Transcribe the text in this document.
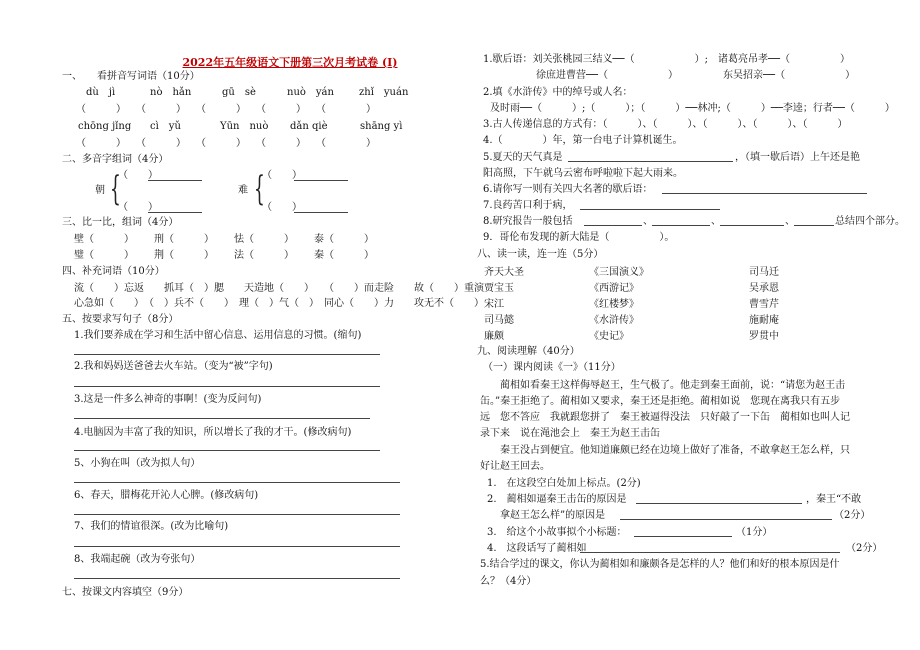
2022年五年级语文下册第三次月考试卷 (I)
一、　　看拼音写词语（10分）
dù　jì	nò　hǎn	gū　sè	nuò　yán	zhǐ　yuán
（　　　）　　（　　　）　　（　　　）　　（　　　）　　（　　　　）
chōng jǐng cì　yǔ	Yūn　nuò dǎn qiè	shāng yì
（　　　）　　（　　　）　　（　　　）　　（　　　）　　（　　　　）
二、多音字组词（4分）
朝 {
（　　）
（　　）
难 {
（　　）
（　　）
三、比一比，组词（4分）
壁（　　　） 刑（　　　） 怯（　　　） 泰（　　　）
璧（　　　） 荆（　　　） 法（　　　） 秦（　　　）
四、补充词语（10分）
流（　　）忘返　　抓耳（　）腮　　天造地（　　）　　（　　）而走险　　故（　　）重演
心急如（　　）　（　）兵不（　　）　理（　）气（　）　同心（　　）力　　攻无不（　　）
五、按要求写句子（8分）
1.我们要养成在学习和生活中留心信息、运用信息的习惯。(缩句)
2.我和妈妈送爸爸去火车站。（变为“被”字句)
3.这是一件多么神奇的事啊！(变为反问句)
4.电脑因为丰富了我的知识，所以增长了我的才干。(修改病句)
5、小狗在叫（改为拟人句）
6、春天，腊梅花开沁人心脾。(修改病句)
7、我们的情谊很深。(改为比喻句)
8、我端起碗（改为夸张句）
七、按课文内容填空（9分）
1.歇后语：刘关张桃园三结义──（　　　　　　）;　诸葛亮吊孝──（　　　　　）
徐庶进曹营──（　　　　　　）　　　　　东吴招亲──（　　　　　　）
2.填《水浒传》中的绰号或人名：
及时雨──（　　　）;（　　　）；（　　　）──林冲;（　　　）──李逵；行者──（　　　）
3.古人传递信息的方式有：（　　　）、（　　　）、（　　　）、（　　　）、（　　　）
4.（　　　　）年，第一台电子计算机诞生。
5.夏天的天气真是	，（填一歇后语）上午还是艳
阳高照，下午就乌云密布呼啦啦下起大雨来。
6.请你写一则有关四大名著的歇后语：
7.良药苦口利于病，
8.研究报告一般包括	、	、	、	总结四个部分。
9．哥伦布发现的新大陆是（　　　　　）。
八、读一读，连一连（5分）
齐天大圣	《三国演义》	司马迁
贾宝玉	《西游记》	吴承恩
宋江	《红楼梦》	曹雪芹
司马懿	《水浒传》	施耐庵
廉颇	《史记》	罗贯中
九、阅读理解（40分）
（一）课内阅读《一》（11分）
蔺相如看秦王这样侮辱赵王，生气极了。他走到秦王面前，说：“请您为赵王击
缶。”秦王拒绝了。蔺相如又要求，秦王还是拒绝。蔺相如说　您现在离我只有五步
远　您不答应　我就跟您拼了　秦王被逼得没法　只好敲了一下缶　蔺相如也叫人记
录下来　说在渑池会上　秦王为赵王击缶
秦王没占到便宜。他知道廉颇已经在边境上做好了准备，不敢拿赵王怎么样，只
好让赵王回去。
1.　在这段空白处加上标点。(2分)
2.　蔺相如逼秦王击缶的原因是	，秦王“不敢
拿赵王怎么样”的原因是	（2分）
3.　给这个小故事拟个小标题：	（1分）
4.　这段话写了蔺相如	（2分）
5.结合学过的课文，你认为蔺相如和廉颇各是怎样的人？他们和好的根本原因是什
么？（4分）
